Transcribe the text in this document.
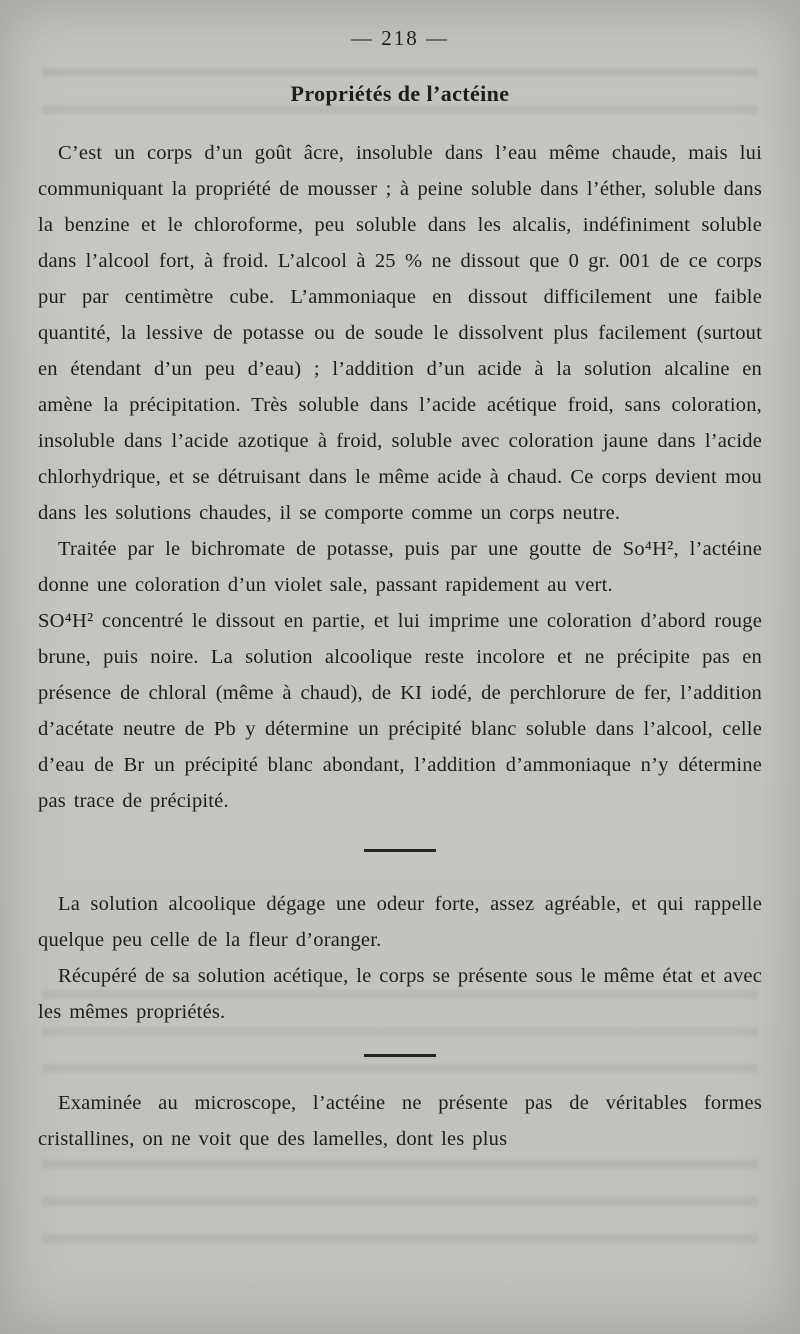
— 218 —
Propriétés de l’actéine

C’est un corps d’un goût âcre, insoluble dans l’eau même chaude, mais lui communiquant la propriété de mousser ; à peine soluble dans l’éther, soluble dans la benzine et le chloroforme, peu soluble dans les alcalis, indéfiniment soluble dans l’alcool fort, à froid. L’alcool à 25 % ne dissout que 0 gr. 001 de ce corps pur par centimètre cube. L’ammoniaque en dissout difficilement une faible quantité, la lessive de potasse ou de soude le dissolvent plus facilement (surtout en étendant d’un peu d’eau) ; l’addition d’un acide à la solution alcaline en amène la précipitation. Très soluble dans l’acide acétique froid, sans coloration, insoluble dans l’acide azotique à froid, soluble avec coloration jaune dans l’acide chlorhydrique, et se détruisant dans le même acide à chaud. Ce corps devient mou dans les solutions chaudes, il se comporte comme un corps neutre.

Traitée par le bichromate de potasse, puis par une goutte de So⁴H², l’actéine donne une coloration d’un violet sale, passant rapidement au vert.

SO⁴H² concentré le dissout en partie, et lui imprime une coloration d’abord rouge brune, puis noire. La solution alcoolique reste incolore et ne précipite pas en présence de chloral (même à chaud), de KI iodé, de perchlorure de fer, l’addition d’acétate neutre de Pb y détermine un précipité blanc soluble dans l’alcool, celle d’eau de Br un précipité blanc abondant, l’addition d’ammoniaque n’y détermine pas trace de précipité.

La solution alcoolique dégage une odeur forte, assez agréable, et qui rappelle quelque peu celle de la fleur d’oranger.

Récupéré de sa solution acétique, le corps se présente sous le même état et avec les mêmes propriétés.

Examinée au microscope, l’actéine ne présente pas de véritables formes cristallines, on ne voit que des lamelles, dont les plus
